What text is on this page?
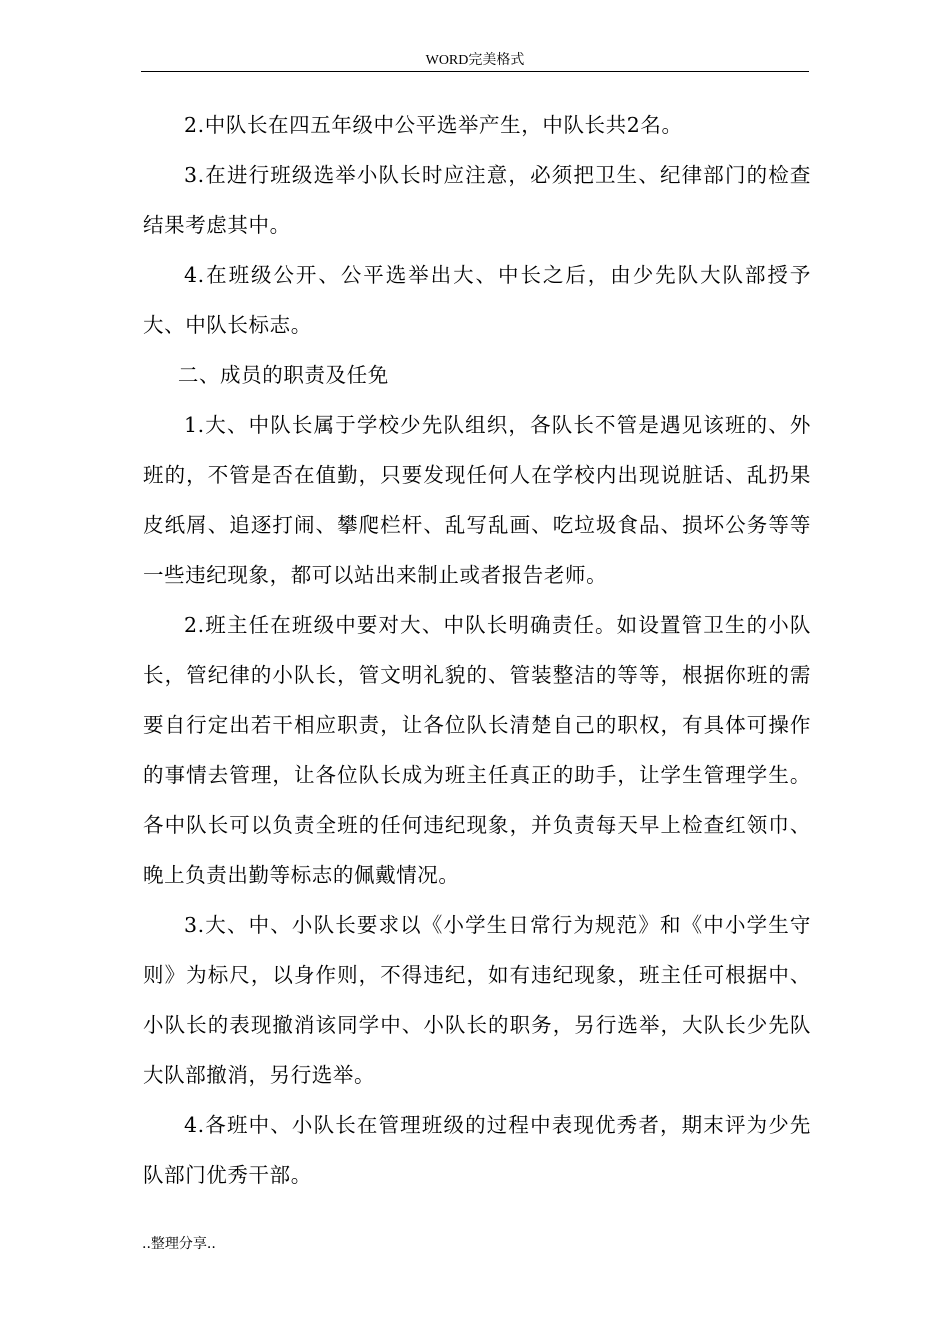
WORD完美格式

2.中队长在四五年级中公平选举产生，中队长共2名。

3.在进行班级选举小队长时应注意，必须把卫生、纪律部门的检查结果考虑其中。

4.在班级公开、公平选举出大、中长之后，由少先队大队部授予大、中队长标志。

二、成员的职责及任免

1.大、中队长属于学校少先队组织，各队长不管是遇见该班的、外班的，不管是否在值勤，只要发现任何人在学校内出现说脏话、乱扔果皮纸屑、追逐打闹、攀爬栏杆、乱写乱画、吃垃圾食品、损坏公务等等一些违纪现象，都可以站出来制止或者报告老师。

2.班主任在班级中要对大、中队长明确责任。如设置管卫生的小队长，管纪律的小队长，管文明礼貌的、管装整洁的等等，根据你班的需要自行定出若干相应职责，让各位队长清楚自己的职权，有具体可操作的事情去管理，让各位队长成为班主任真正的助手，让学生管理学生。各中队长可以负责全班的任何违纪现象，并负责每天早上检查红领巾、晚上负责出勤等标志的佩戴情况。

3.大、中、小队长要求以《小学生日常行为规范》和《中小学生守则》为标尺，以身作则，不得违纪，如有违纪现象，班主任可根据中、小队长的表现撤消该同学中、小队长的职务，另行选举，大队长少先队大队部撤消，另行选举。

4.各班中、小队长在管理班级的过程中表现优秀者，期末评为少先队部门优秀干部。

..整理分享..
